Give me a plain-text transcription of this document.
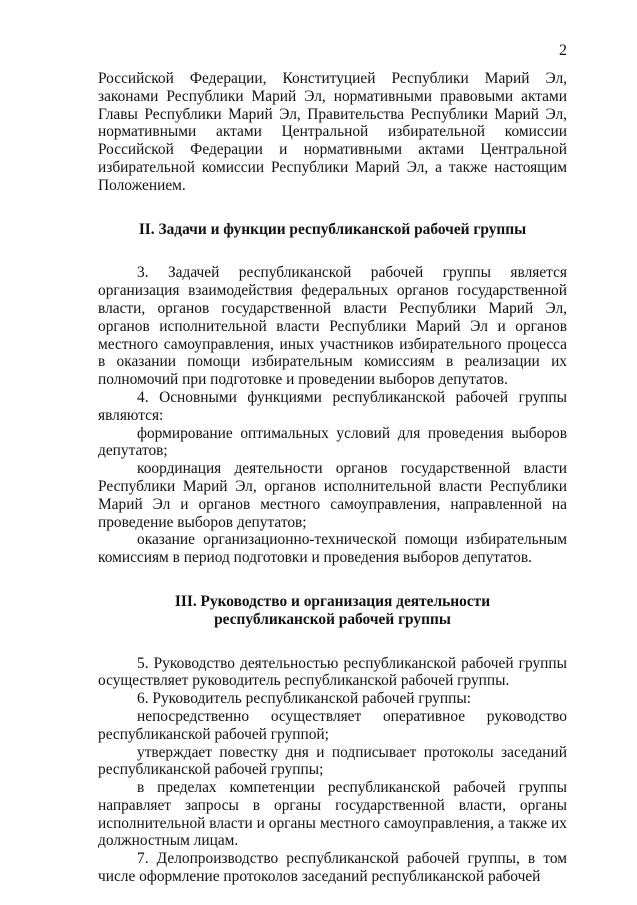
2

Российской Федерации, Конституцией Республики Марий Эл, законами Республики Марий Эл, нормативными правовыми актами Главы Республики Марий Эл, Правительства Республики Марий Эл, нормативными актами Центральной избирательной комиссии Российской Федерации и нормативными актами Центральной избирательной комиссии Республики Марий Эл, а также настоящим Положением.

II. Задачи и функции республиканской рабочей группы

3. Задачей республиканской рабочей группы является организация взаимодействия федеральных органов государственной власти, органов государственной власти Республики Марий Эл, органов исполнительной власти Республики Марий Эл и органов местного самоуправления, иных участников избирательного процесса в оказании помощи избирательным комиссиям в реализации их полномочий при подготовке и проведении выборов депутатов.

4. Основными функциями республиканской рабочей группы являются:

формирование оптимальных условий для проведения выборов депутатов;

координация деятельности органов государственной власти Республики Марий Эл, органов исполнительной власти Республики Марий Эл и органов местного самоуправления, направленной на проведение выборов депутатов;

оказание организационно-технической помощи избирательным комиссиям в период подготовки и проведения выборов депутатов.

III. Руководство и организация деятельности
республиканской рабочей группы

5. Руководство деятельностью республиканской рабочей группы осуществляет руководитель республиканской рабочей группы.

6. Руководитель республиканской рабочей группы:

непосредственно осуществляет оперативное руководство республиканской рабочей группой;

утверждает повестку дня и подписывает протоколы заседаний республиканской рабочей группы;

в пределах компетенции республиканской рабочей группы направляет запросы в органы государственной власти, органы исполнительной власти и органы местного самоуправления, а также их должностным лицам.

7. Делопроизводство республиканской рабочей группы, в том числе оформление протоколов заседаний республиканской рабочей
